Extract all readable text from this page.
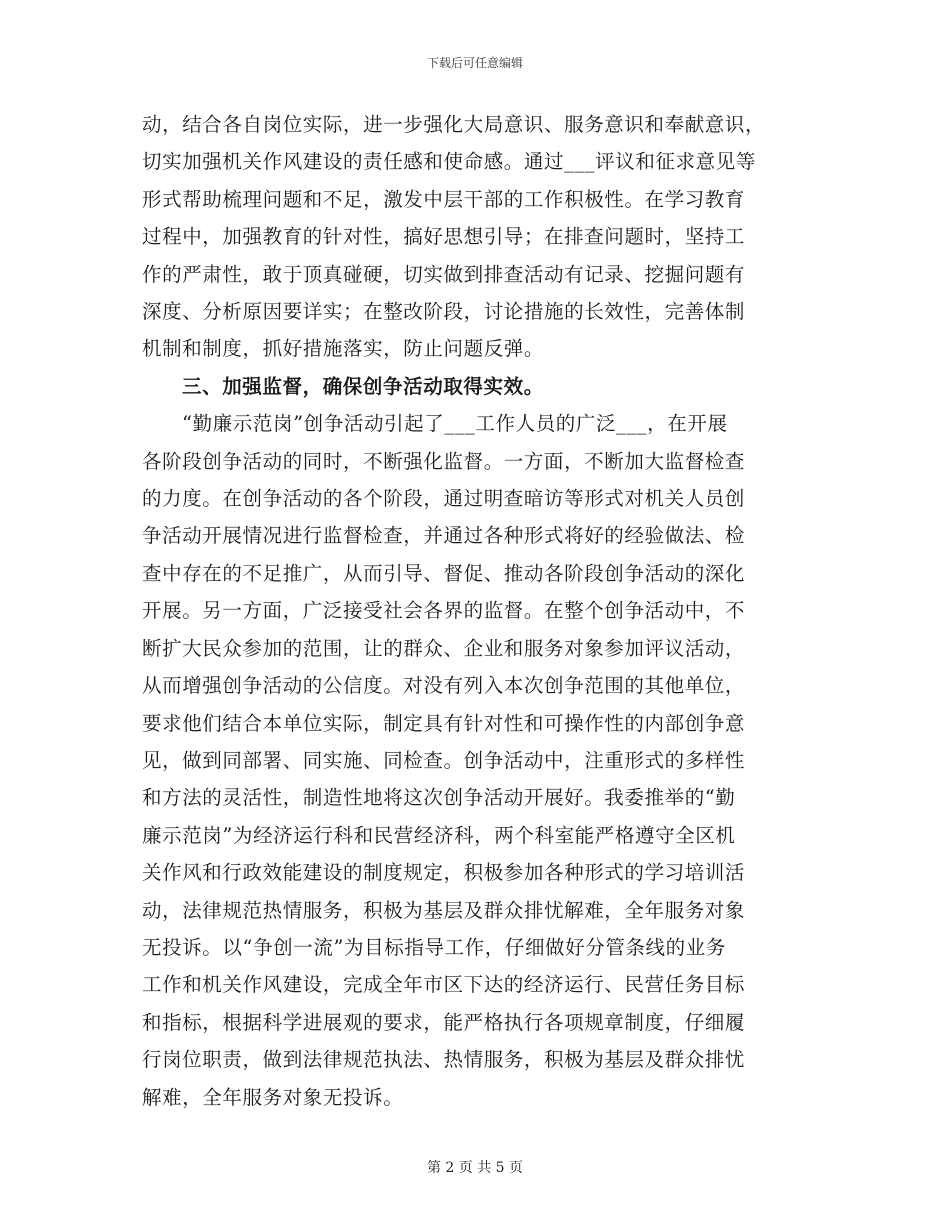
下载后可任意编辑
动，结合各自岗位实际，进一步强化大局意识、服务意识和奉献意识，
切实加强机关作风建设的责任感和使命感。通过___评议和征求意见等
形式帮助梳理问题和不足，激发中层干部的工作积极性。在学习教育
过程中，加强教育的针对性，搞好思想引导；在排查问题时，坚持工
作的严肃性，敢于顶真碰硬，切实做到排查活动有记录、挖掘问题有
深度、分析原因要详实；在整改阶段，讨论措施的长效性，完善体制
机制和制度，抓好措施落实，防止问题反弹。
三、加强监督，确保创争活动取得实效。
“勤廉示范岗”创争活动引起了___工作人员的广泛___，在开展
各阶段创争活动的同时，不断强化监督。一方面，不断加大监督检查
的力度。在创争活动的各个阶段，通过明查暗访等形式对机关人员创
争活动开展情况进行监督检查，并通过各种形式将好的经验做法、检
查中存在的不足推广，从而引导、督促、推动各阶段创争活动的深化
开展。另一方面，广泛接受社会各界的监督。在整个创争活动中，不
断扩大民众参加的范围，让的群众、企业和服务对象参加评议活动，
从而增强创争活动的公信度。对没有列入本次创争范围的其他单位，
要求他们结合本单位实际，制定具有针对性和可操作性的内部创争意
见，做到同部署、同实施、同检查。创争活动中，注重形式的多样性
和方法的灵活性，制造性地将这次创争活动开展好。我委推举的“勤
廉示范岗”为经济运行科和民营经济科，两个科室能严格遵守全区机
关作风和行政效能建设的制度规定，积极参加各种形式的学习培训活
动，法律规范热情服务，积极为基层及群众排忧解难，全年服务对象
无投诉。以“争创一流”为目标指导工作，仔细做好分管条线的业务
工作和机关作风建设，完成全年市区下达的经济运行、民营任务目标
和指标，根据科学进展观的要求，能严格执行各项规章制度，仔细履
行岗位职责，做到法律规范执法、热情服务，积极为基层及群众排忧
解难，全年服务对象无投诉。
第 2 页 共 5 页
